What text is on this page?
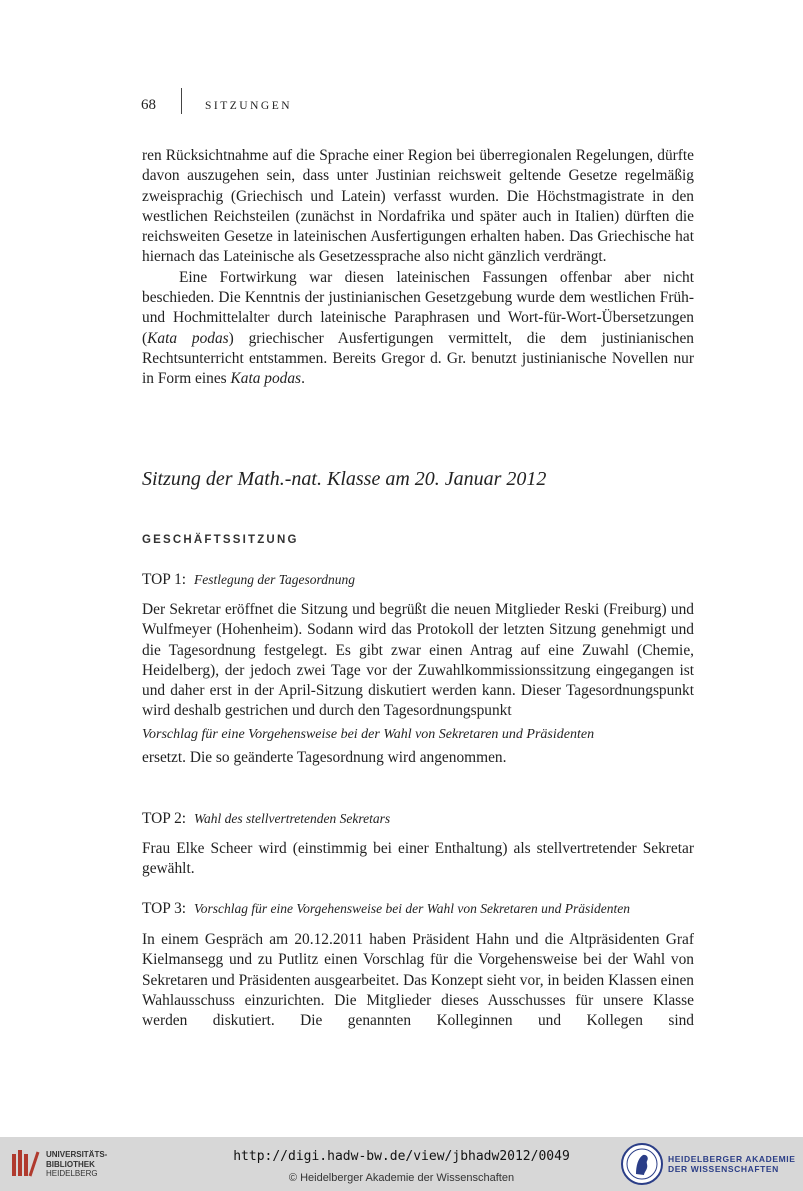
68	SITZUNGEN

ren Rücksichtnahme auf die Sprache einer Region bei überregionalen Regelungen, dürfte davon auszugehen sein, dass unter Justinian reichsweit geltende Gesetze regelmäßig zweisprachig (Griechisch und Latein) verfasst wurden. Die Höchstmagistrate in den westlichen Reichsteilen (zunächst in Nordafrika und später auch in Italien) dürften die reichsweiten Gesetze in lateinischen Ausfertigungen erhalten haben. Das Griechische hat hiernach das Lateinische als Gesetzessprache also nicht gänzlich verdrängt.

Eine Fortwirkung war diesen lateinischen Fassungen offenbar aber nicht beschieden. Die Kenntnis der justinianischen Gesetzgebung wurde dem westlichen Früh- und Hochmittelalter durch lateinische Paraphrasen und Wort-für-Wort-Übersetzungen (Kata podas) griechischer Ausfertigungen vermittelt, die dem justinianischen Rechtsunterricht entstammen. Bereits Gregor d. Gr. benutzt justinianische Novellen nur in Form eines Kata podas.

Sitzung der Math.-nat. Klasse am 20. Januar 2012
GESCHÄFTSSITZUNG
TOP 1: Festlegung der Tagesordnung

Der Sekretar eröffnet die Sitzung und begrüßt die neuen Mitglieder Reski (Freiburg) und Wulfmeyer (Hohenheim). Sodann wird das Protokoll der letzten Sitzung genehmigt und die Tagesordnung festgelegt. Es gibt zwar einen Antrag auf eine Zuwahl (Chemie, Heidelberg), der jedoch zwei Tage vor der Zuwahlkommissionssitzung eingegangen ist und daher erst in der April-Sitzung diskutiert werden kann. Dieser Tagesordnungspunkt wird deshalb gestrichen und durch den Tagesordnungspunkt

Vorschlag für eine Vorgehensweise bei der Wahl von Sekretaren und Präsidenten

ersetzt. Die so geänderte Tagesordnung wird angenommen.

TOP 2: Wahl des stellvertretenden Sekretars

Frau Elke Scheer wird (einstimmig bei einer Enthaltung) als stellvertretender Sekretar gewählt.

TOP 3: Vorschlag für eine Vorgehensweise bei der Wahl von Sekretaren und Präsidenten

In einem Gespräch am 20.12.2011 haben Präsident Hahn und die Altpräsidenten Graf Kielmansegg und zu Putlitz einen Vorschlag für die Vorgehensweise bei der Wahl von Sekretaren und Präsidenten ausgearbeitet. Das Konzept sieht vor, in beiden Klassen einen Wahlausschuss einzurichten. Die Mitglieder dieses Ausschusses für unsere Klasse werden diskutiert. Die genannten Kolleginnen und Kollegen sind

UNIVERSITÄTS-
BIBLIOTHEK
HEIDELBERG
http://digi.hadw-bw.de/view/jbhadw2012/0049
© Heidelberger Akademie der Wissenschaften
HEIDELBERGER AKADEMIE
DER WISSENSCHAFTEN
